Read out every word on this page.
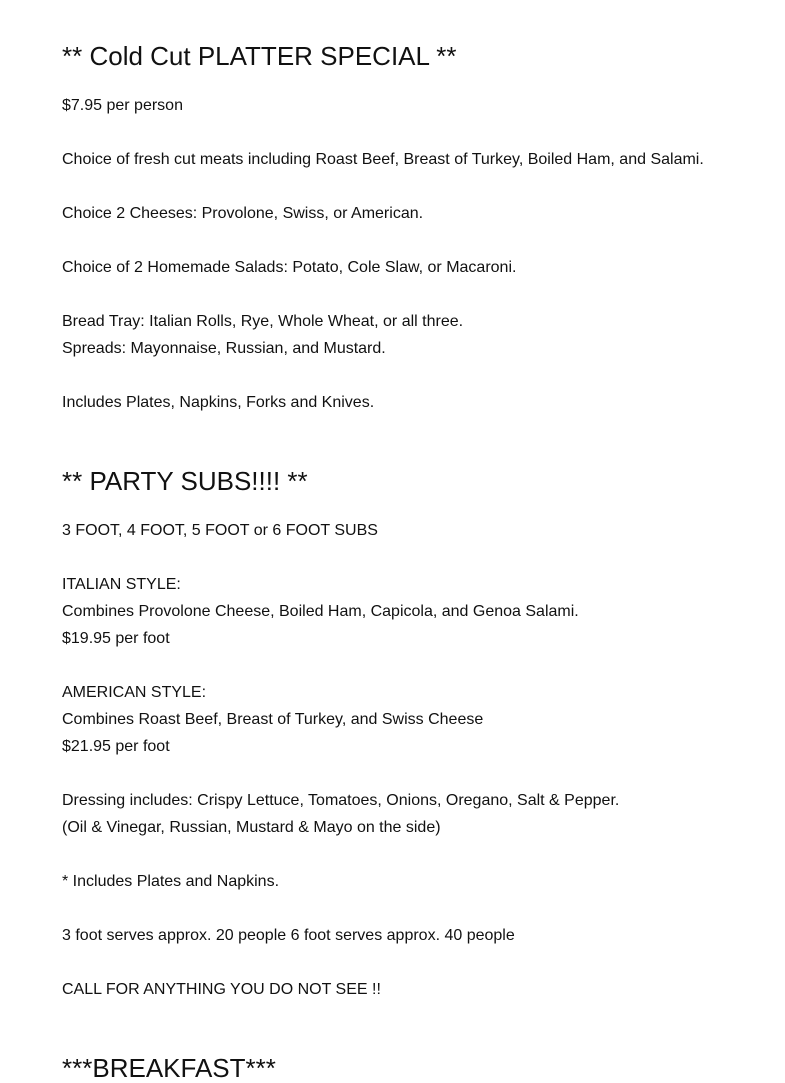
** Cold Cut PLATTER SPECIAL **

$7.95 per person

Choice of fresh cut meats including Roast Beef, Breast of Turkey, Boiled Ham, and Salami.

Choice 2 Cheeses: Provolone, Swiss, or American.

Choice of 2 Homemade Salads: Potato, Cole Slaw, or Macaroni.

Bread Tray: Italian Rolls, Rye, Whole Wheat, or all three.

Spreads: Mayonnaise, Russian, and Mustard.

Includes Plates, Napkins, Forks and Knives.

** PARTY SUBS!!!! **

3 FOOT, 4 FOOT, 5 FOOT or 6 FOOT SUBS

ITALIAN STYLE:

Combines Provolone Cheese, Boiled Ham, Capicola, and Genoa Salami.

$19.95 per foot

AMERICAN STYLE:

Combines Roast Beef, Breast of Turkey, and Swiss Cheese

$21.95 per foot

Dressing includes: Crispy Lettuce, Tomatoes, Onions, Oregano, Salt & Pepper.

(Oil & Vinegar, Russian, Mustard & Mayo on the side)

* Includes Plates and Napkins.

3 foot serves approx. 20 people 6 foot serves approx. 40 people

CALL FOR ANYTHING YOU DO NOT SEE !!

***BREAKFAST***
